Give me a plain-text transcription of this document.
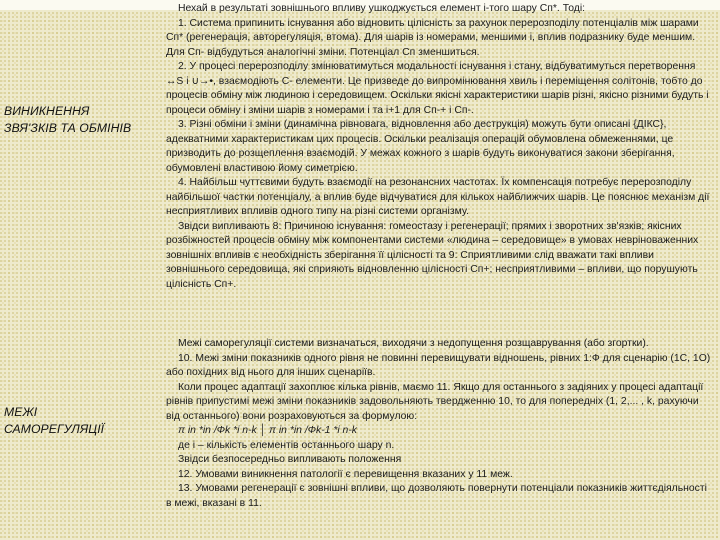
ВИНИКНЕННЯ
ЗВЯ'ЗКІВ ТА ОБМІНІВ

Нехай в результаті зовнішнього впливу ушкоджується елемент i-того шару Сп*. Тоді:

1. Система припинить існування або відновить цілісність за рахунок перерозподілу потенціалів між шарами Сп* (регенерація, авторегуляція, втома). Для шарів із номерами, меншими i, вплив подразнику буде меншим. Для Сп- відбудуться аналогічні зміни. Потенціал Сп зменшиться.

2. У процесі перерозподілу змінюватимуться модальності існування і стану, відбуватимуться перетворення ↔Ѕ i ∪→•, взаємодіють С- елементи. Це призведе до випромінювання хвиль і переміщення солітонів, тобто до процесів обміну між людиною і середовищем. Оскільки якісні характеристики шарів різні, якісно різними будуть і процеси обміну і зміни шарів з номерами і та i+1 для Сп-+ і Сп-.

3. Різні обміни і зміни (динамічна рівновага, відновлення або деструкція) можуть бути описані {ДІКС}, адекватними характеристикам цих процесів. Оскільки реалізація операцій обумовлена обмеженнями, це призводить до розщеплення взаємодій. У межах кожного з шарів будуть виконуватися закони зберігання, обумовлені властивою йому симетрією.

4. Найбільш чуттєвими будуть взаємодії на резонансних частотах. Їх компенсація потребує перерозподілу найбільшої частки потенціалу, а вплив буде відчуватися для кількох найближчих шарів. Це пояснює механізм дії несприятливих впливів одного типу на різні системи організму.

Звідси випливають 8: Причиною існування: гомеостазу і регенерації; прямих і зворотних зв'язків; якісних розбіжностей процесів обміну між компонентами системи «людина – середовище» в умовах невріноваженних зовнішніх впливів є необхідність зберігання її цілісності та 9: Сприятливими слід вважати такі впливи зовнішнього середовища, які сприяють відновленню цілісності Сп+; несприятливими – впливи, що порушують цілісність Сп+.

МЕЖІ
САМОРЕГУЛЯЦІЇ

Межі саморегуляції системи визначаться, виходячи з недопущення розщаврування (або згортки).

10. Межі зміни показників одного рівня не повинні перевищувати відношень, рівних 1:Ф для сценарію (1С, 1О) або похідних від нього для інших сценаріїв.

Коли процес адаптації захоплює кілька рівнів, маємо 11. Якщо для останнього з задіяних у процесі адаптації рівнів припустимі межі зміни показників задовольняють твердженню 10, то для попередніх (1, 2,... , k, рахуючи від останнього) вони розраховуються за формулою:

π in *in /Фk *i n-k │ π in *in /Фk-1 *i n-k

де і – кількість елементів останнього шару n.

Звідси безпосередньо випливають положення

12. Умовами виникнення патології є перевищення вказаних у 11 меж.

13. Умовами регенерації є зовнішні впливи, що дозволяють повернути потенціали показників життєдіяльності в межі, вказані в 11.
